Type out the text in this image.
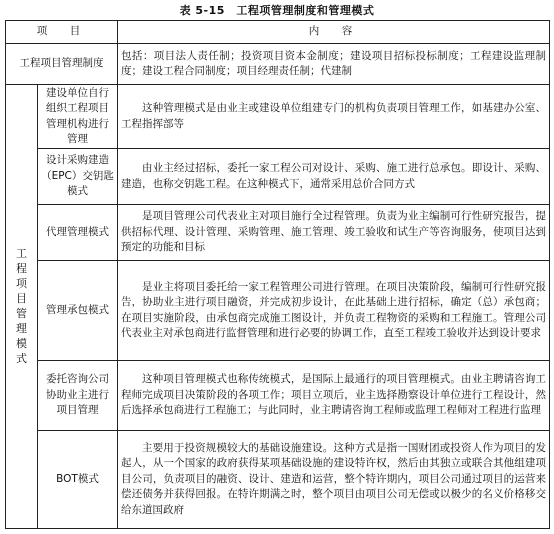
表 5-15　工程项管理制度和管理模式
项　目		内　容
工程项目管理制度		包括：项目法人责任制；投资项目资本金制度；建设项目招标投标制度；工程建设监理制度；建设工程合同制度；项目经理责任制；代建制
工程项目管理模式	建设单位自行组织工程项目管理机构进行管理	这种管理模式是由业主或建设单位组建专门的机构负责项目管理工作，如基建办公室、工程指挥部等
	设计采购建造（EPC）交钥匙模式	由业主经过招标，委托一家工程公司对设计、采购、施工进行总承包。即设计、采购、建造，也称交钥匙工程。在这种模式下，通常采用总价合同方式
	代理管理模式	是项目管理公司代表业主对项目施行全过程管理。负责为业主编制可行性研究报告，提供招标代理、设计管理、采购管理、施工管理、竣工验收和试生产等咨询服务，使项目达到预定的功能和目标
	管理承包模式	是业主将项目委托给一家工程管理公司进行管理。在项目决策阶段，编制可行性研究报告，协助业主进行项目融资，并完成初步设计，在此基础上进行招标，确定（总）承包商；在项目实施阶段，由承包商完成施工图设计，并负责工程物资的采购和工程施工。管理公司代表业主对承包商进行监督管理和进行必要的协调工作，直至工程竣工验收并达到设计要求
	委托咨询公司协助业主进行项目管理	这种项目管理模式也称传统模式，是国际上最通行的项目管理模式。由业主聘请咨询工程师完成项目决策阶段的各项工作；项目立项后，业主选择勘察设计单位进行工程设计，然后选择承包商进行工程施工；与此同时，业主聘请咨询工程师或监理工程师对工程进行监理
	BOT模式	主要用于投资规模较大的基础设施建设。这种方式是指一国财团或投资人作为项目的发起人，从一个国家的政府获得某项基础设施的建设特许权，然后由其独立或联合其他组建项目公司，负责项目的融资、设计、建造和运营，整个特许期内，项目公司通过项目的运营来偿还债务并获得回报。在特许期满之时，整个项目由项目公司无偿或以极少的名义价格移交给东道国政府
